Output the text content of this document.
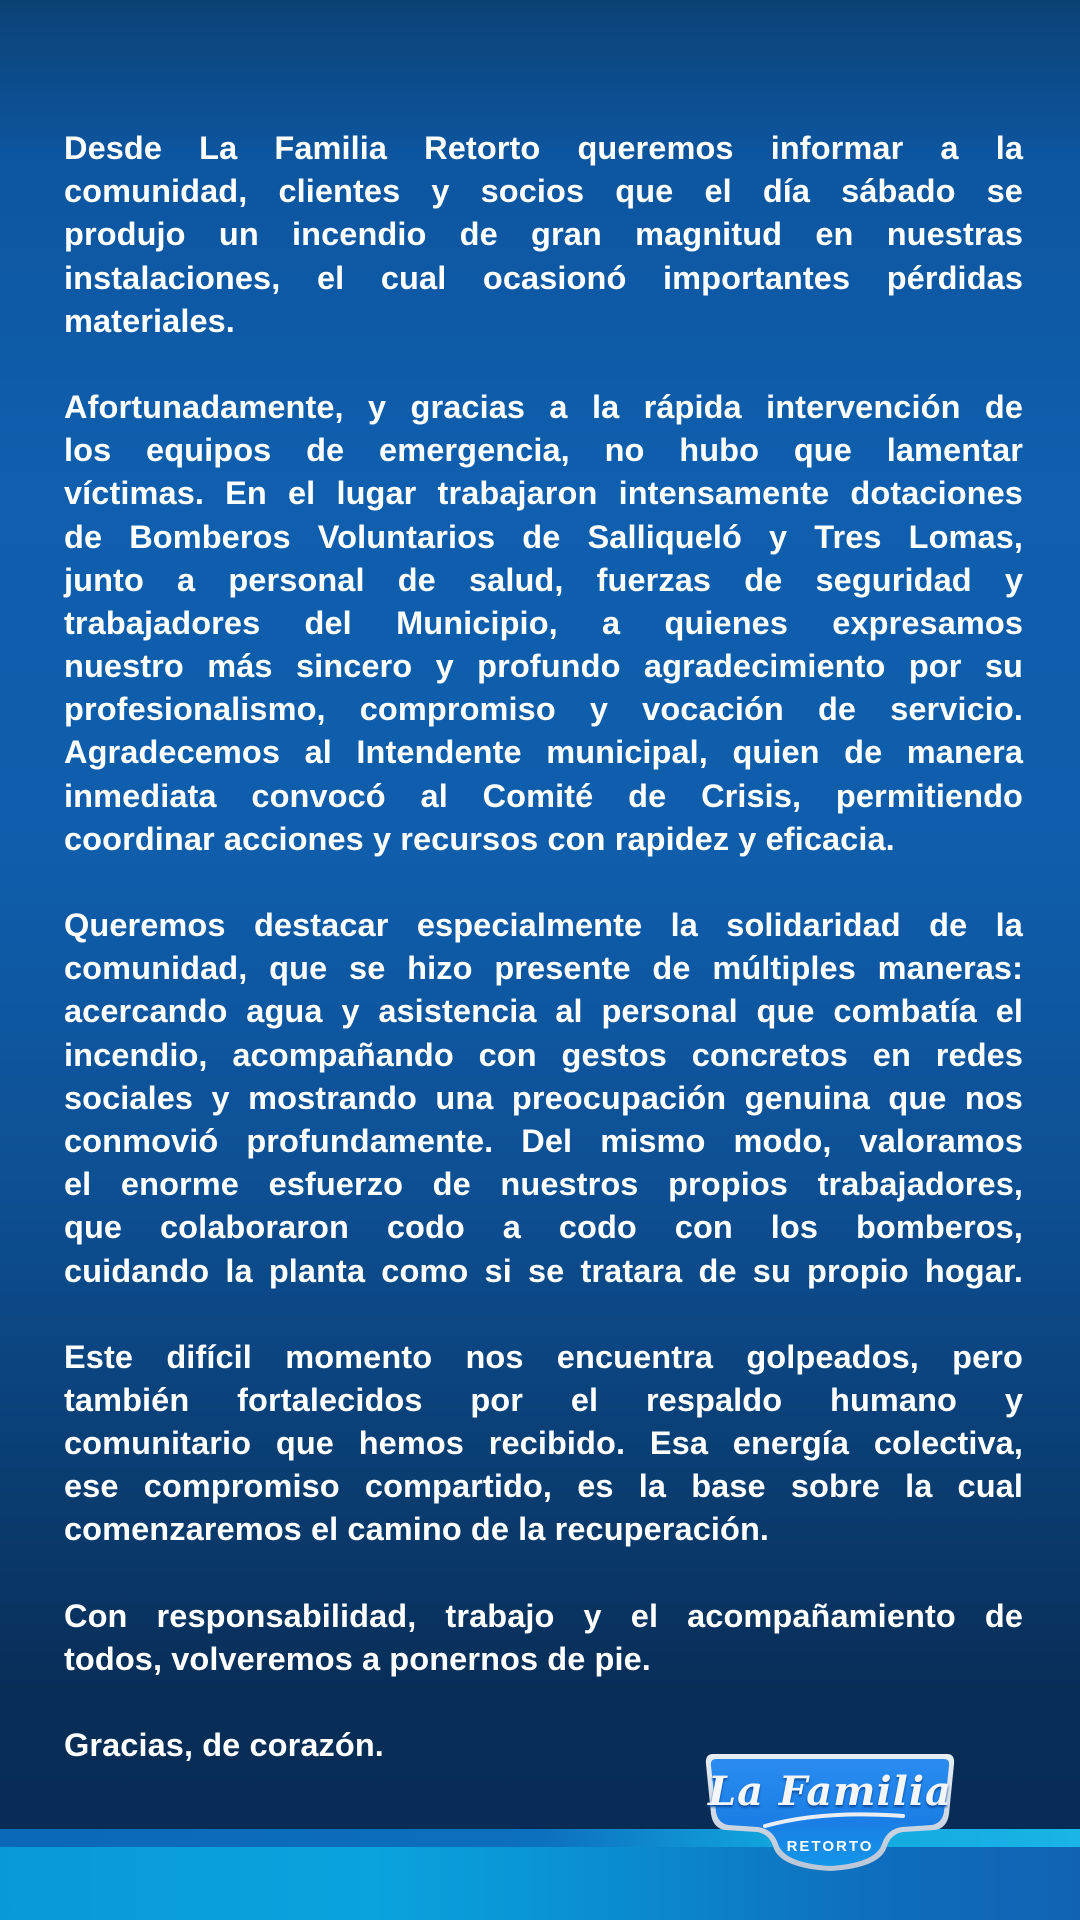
Desde La Familia Retorto queremos informar a la
comunidad, clientes y socios que el día sábado se
produjo un incendio de gran magnitud en nuestras
instalaciones, el cual ocasionó importantes pérdidas
materiales.
Afortunadamente, y gracias a la rápida intervención de
los equipos de emergencia, no hubo que lamentar
víctimas. En el lugar trabajaron intensamente dotaciones
de Bomberos Voluntarios de Salliqueló y Tres Lomas,
junto a personal de salud, fuerzas de seguridad y
trabajadores del Municipio, a quienes expresamos
nuestro más sincero y profundo agradecimiento por su
profesionalismo, compromiso y vocación de servicio.
Agradecemos al Intendente municipal, quien de manera
inmediata convocó al Comité de Crisis, permitiendo
coordinar acciones y recursos con rapidez y eficacia.
Queremos destacar especialmente la solidaridad de la
comunidad, que se hizo presente de múltiples maneras:
acercando agua y asistencia al personal que combatía el
incendio, acompañando con gestos concretos en redes
sociales y mostrando una preocupación genuina que nos
conmovió profundamente. Del mismo modo, valoramos
el enorme esfuerzo de nuestros propios trabajadores,
que colaboraron codo a codo con los bomberos,
cuidando la planta como si se tratara de su propio hogar.
Este difícil momento nos encuentra golpeados, pero
también fortalecidos por el respaldo humano y
comunitario que hemos recibido. Esa energía colectiva,
ese compromiso compartido, es la base sobre la cual
comenzaremos el camino de la recuperación.
Con responsabilidad, trabajo y el acompañamiento de
todos, volveremos a ponernos de pie.
Gracias, de corazón.
La Familia
RETORTO
